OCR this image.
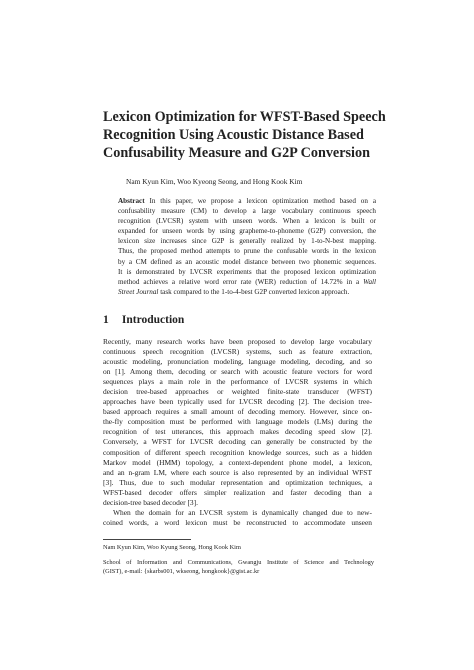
Lexicon Optimization for WFST-Based Speech
Recognition Using Acoustic Distance Based
Confusability Measure and G2P Conversion
Nam Kyun Kim, Woo Kyeong Seong, and Hong Kook Kim
Abstract In this paper, we propose a lexicon optimization method based on a
confusability measure (CM) to develop a large vocabulary continuous speech
recognition (LVCSR) system with unseen words. When a lexicon is built or
expanded for unseen words by using grapheme-to-phoneme (G2P) conversion, the
lexicon size increases since G2P is generally realized by 1-to-N-best mapping.
Thus, the proposed method attempts to prune the confusable words in the lexicon
by a CM defined as an acoustic model distance between two phonemic sequences.
It is demonstrated by LVCSR experiments that the proposed lexicon optimization
method achieves a relative word error rate (WER) reduction of 14.72% in a Wall
Street Journal task compared to the 1-to-4-best G2P converted lexicon approach.
1 Introduction
Recently, many research works have been proposed to develop large vocabulary
continuous speech recognition (LVCSR) systems, such as feature extraction,
acoustic modeling, pronunciation modeling, language modeling, decoding, and so
on [1]. Among them, decoding or search with acoustic feature vectors for word
sequences plays a main role in the performance of LVCSR systems in which
decision tree-based approaches or weighted finite-state transducer (WFST)
approaches have been typically used for LVCSR decoding [2]. The decision tree-
based approach requires a small amount of decoding memory. However, since on-
the-fly composition must be performed with language models (LMs) during the
recognition of test utterances, this approach makes decoding speed slow [2].
Conversely, a WFST for LVCSR decoding can generally be constructed by the
composition of different speech recognition knowledge sources, such as a hidden
Markov model (HMM) topology, a context-dependent phone model, a lexicon,
and an n-gram LM, where each source is also represented by an individual WFST
[3]. Thus, due to such modular representation and optimization techniques, a
WFST-based decoder offers simpler realization and faster decoding than a
decision-tree based decoder [3].
When the domain for an LVCSR system is dynamically changed due to new-
coined words, a word lexicon must be reconstructed to accommodate unseen
Nam Kyun Kim, Woo Kyung Seong, Hong Kook Kim
School of Information and Communications, Gwangju Institute of Science and Technology
(GIST), e-mail: {skarbs001, wkseong, hongkook}@gist.ac.kr
